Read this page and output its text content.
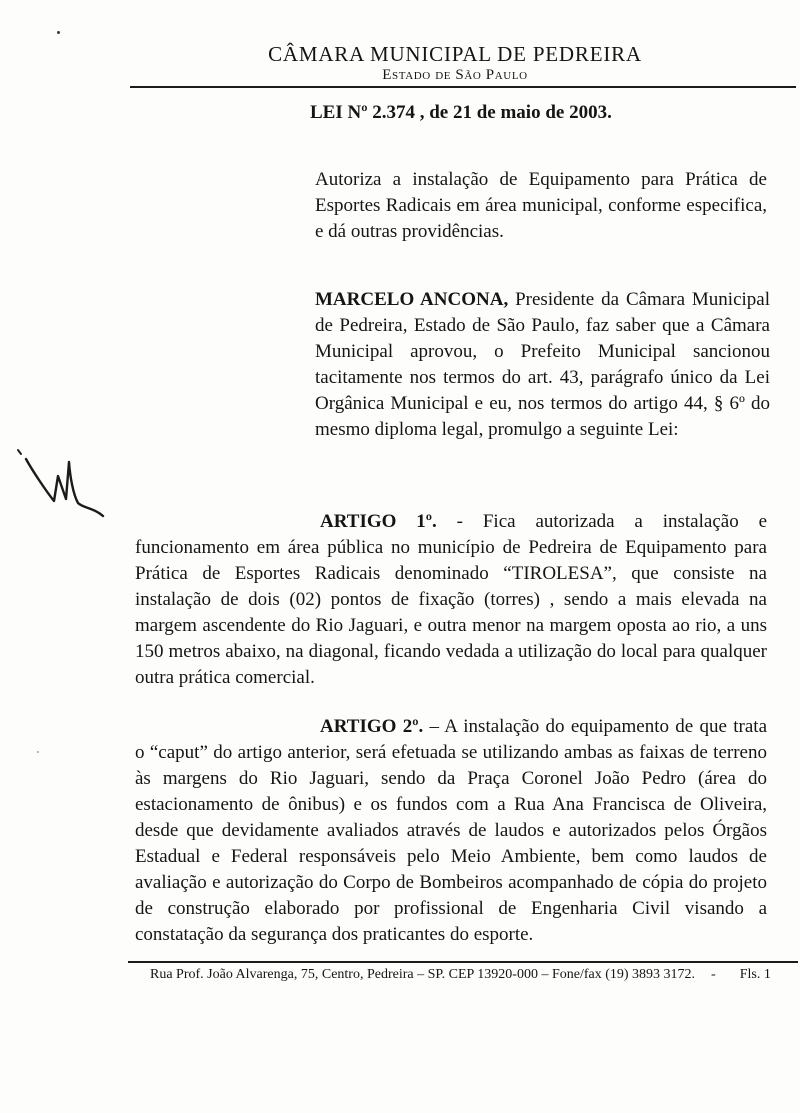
CÂMARA MUNICIPAL DE PEDREIRA
Estado de São Paulo
LEI Nº 2.374 , de 21 de maio de 2003.

Autoriza a instalação de Equipamento para Prática de Esportes Radicais em área municipal, conforme especifica, e dá outras providências.

MARCELO ANCONA, Presidente da Câmara Municipal de Pedreira, Estado de São Paulo, faz saber que a Câmara Municipal aprovou, o Prefeito Municipal sancionou tacitamente nos termos do art. 43, parágrafo único da Lei Orgânica Municipal e eu, nos termos do artigo 44, § 6º do mesmo diploma legal, promulgo a seguinte Lei:

ARTIGO 1º. - Fica autorizada a instalação e funcionamento em área pública no município de Pedreira de Equipamento para Prática de Esportes Radicais denominado “TIROLESA”, que consiste na instalação de dois (02) pontos de fixação (torres) , sendo a mais elevada na margem ascendente do Rio Jaguari, e outra menor na margem oposta ao rio, a uns 150 metros abaixo, na diagonal, ficando vedada a utilização do local para qualquer outra prática comercial.

ARTIGO 2º. – A instalação do equipamento de que trata o “caput” do artigo anterior, será efetuada se utilizando ambas as faixas de terreno às margens do Rio Jaguari, sendo da Praça Coronel João Pedro (área do estacionamento de ônibus) e os fundos com a Rua Ana Francisca de Oliveira, desde que devidamente avaliados através de laudos e autorizados pelos Órgãos Estadual e Federal responsáveis pelo Meio Ambiente, bem como laudos de avaliação e autorização do Corpo de Bombeiros acompanhado de cópia do projeto de construção elaborado por profissional de Engenharia Civil visando a constatação da segurança dos praticantes do esporte.

Rua Prof. João Alvarenga, 75, Centro, Pedreira – SP. CEP 13920-000 – Fone/fax (19) 3893 3172. - Fls. 1
